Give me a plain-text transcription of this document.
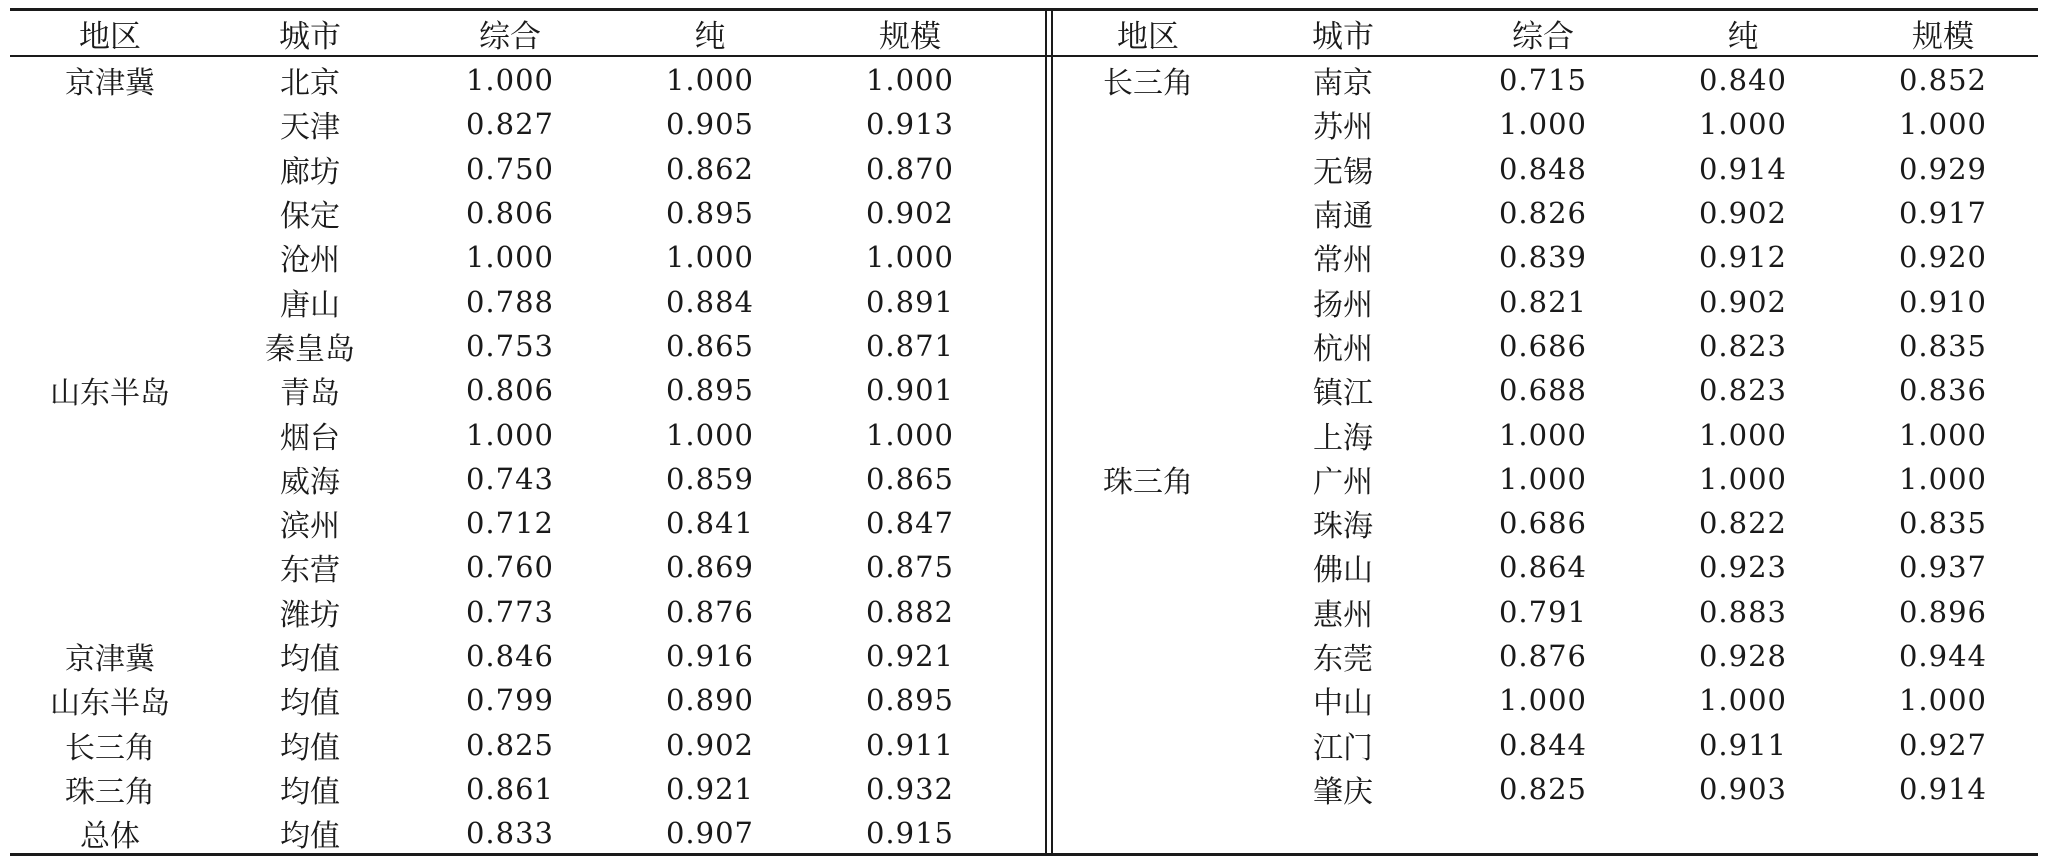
地区	城市	综合	纯	规模
京津冀	北京	1.000	1.000	1.000
	天津	0.827	0.905	0.913
	廊坊	0.750	0.862	0.870
	保定	0.806	0.895	0.902
	沧州	1.000	1.000	1.000
	唐山	0.788	0.884	0.891
	秦皇岛	0.753	0.865	0.871
山东半岛	青岛	0.806	0.895	0.901
	烟台	1.000	1.000	1.000
	威海	0.743	0.859	0.865
	滨州	0.712	0.841	0.847
	东营	0.760	0.869	0.875
	潍坊	0.773	0.876	0.882
京津冀	均值	0.846	0.916	0.921
山东半岛	均值	0.799	0.890	0.895
长三角	均值	0.825	0.902	0.911
珠三角	均值	0.861	0.921	0.932
总体	均值	0.833	0.907	0.915
地区	城市	综合	纯	规模
长三角	南京	0.715	0.840	0.852
	苏州	1.000	1.000	1.000
	无锡	0.848	0.914	0.929
	南通	0.826	0.902	0.917
	常州	0.839	0.912	0.920
	扬州	0.821	0.902	0.910
	杭州	0.686	0.823	0.835
	镇江	0.688	0.823	0.836
	上海	1.000	1.000	1.000
珠三角	广州	1.000	1.000	1.000
	珠海	0.686	0.822	0.835
	佛山	0.864	0.923	0.937
	惠州	0.791	0.883	0.896
	东莞	0.876	0.928	0.944
	中山	1.000	1.000	1.000
	江门	0.844	0.911	0.927
	肇庆	0.825	0.903	0.914
